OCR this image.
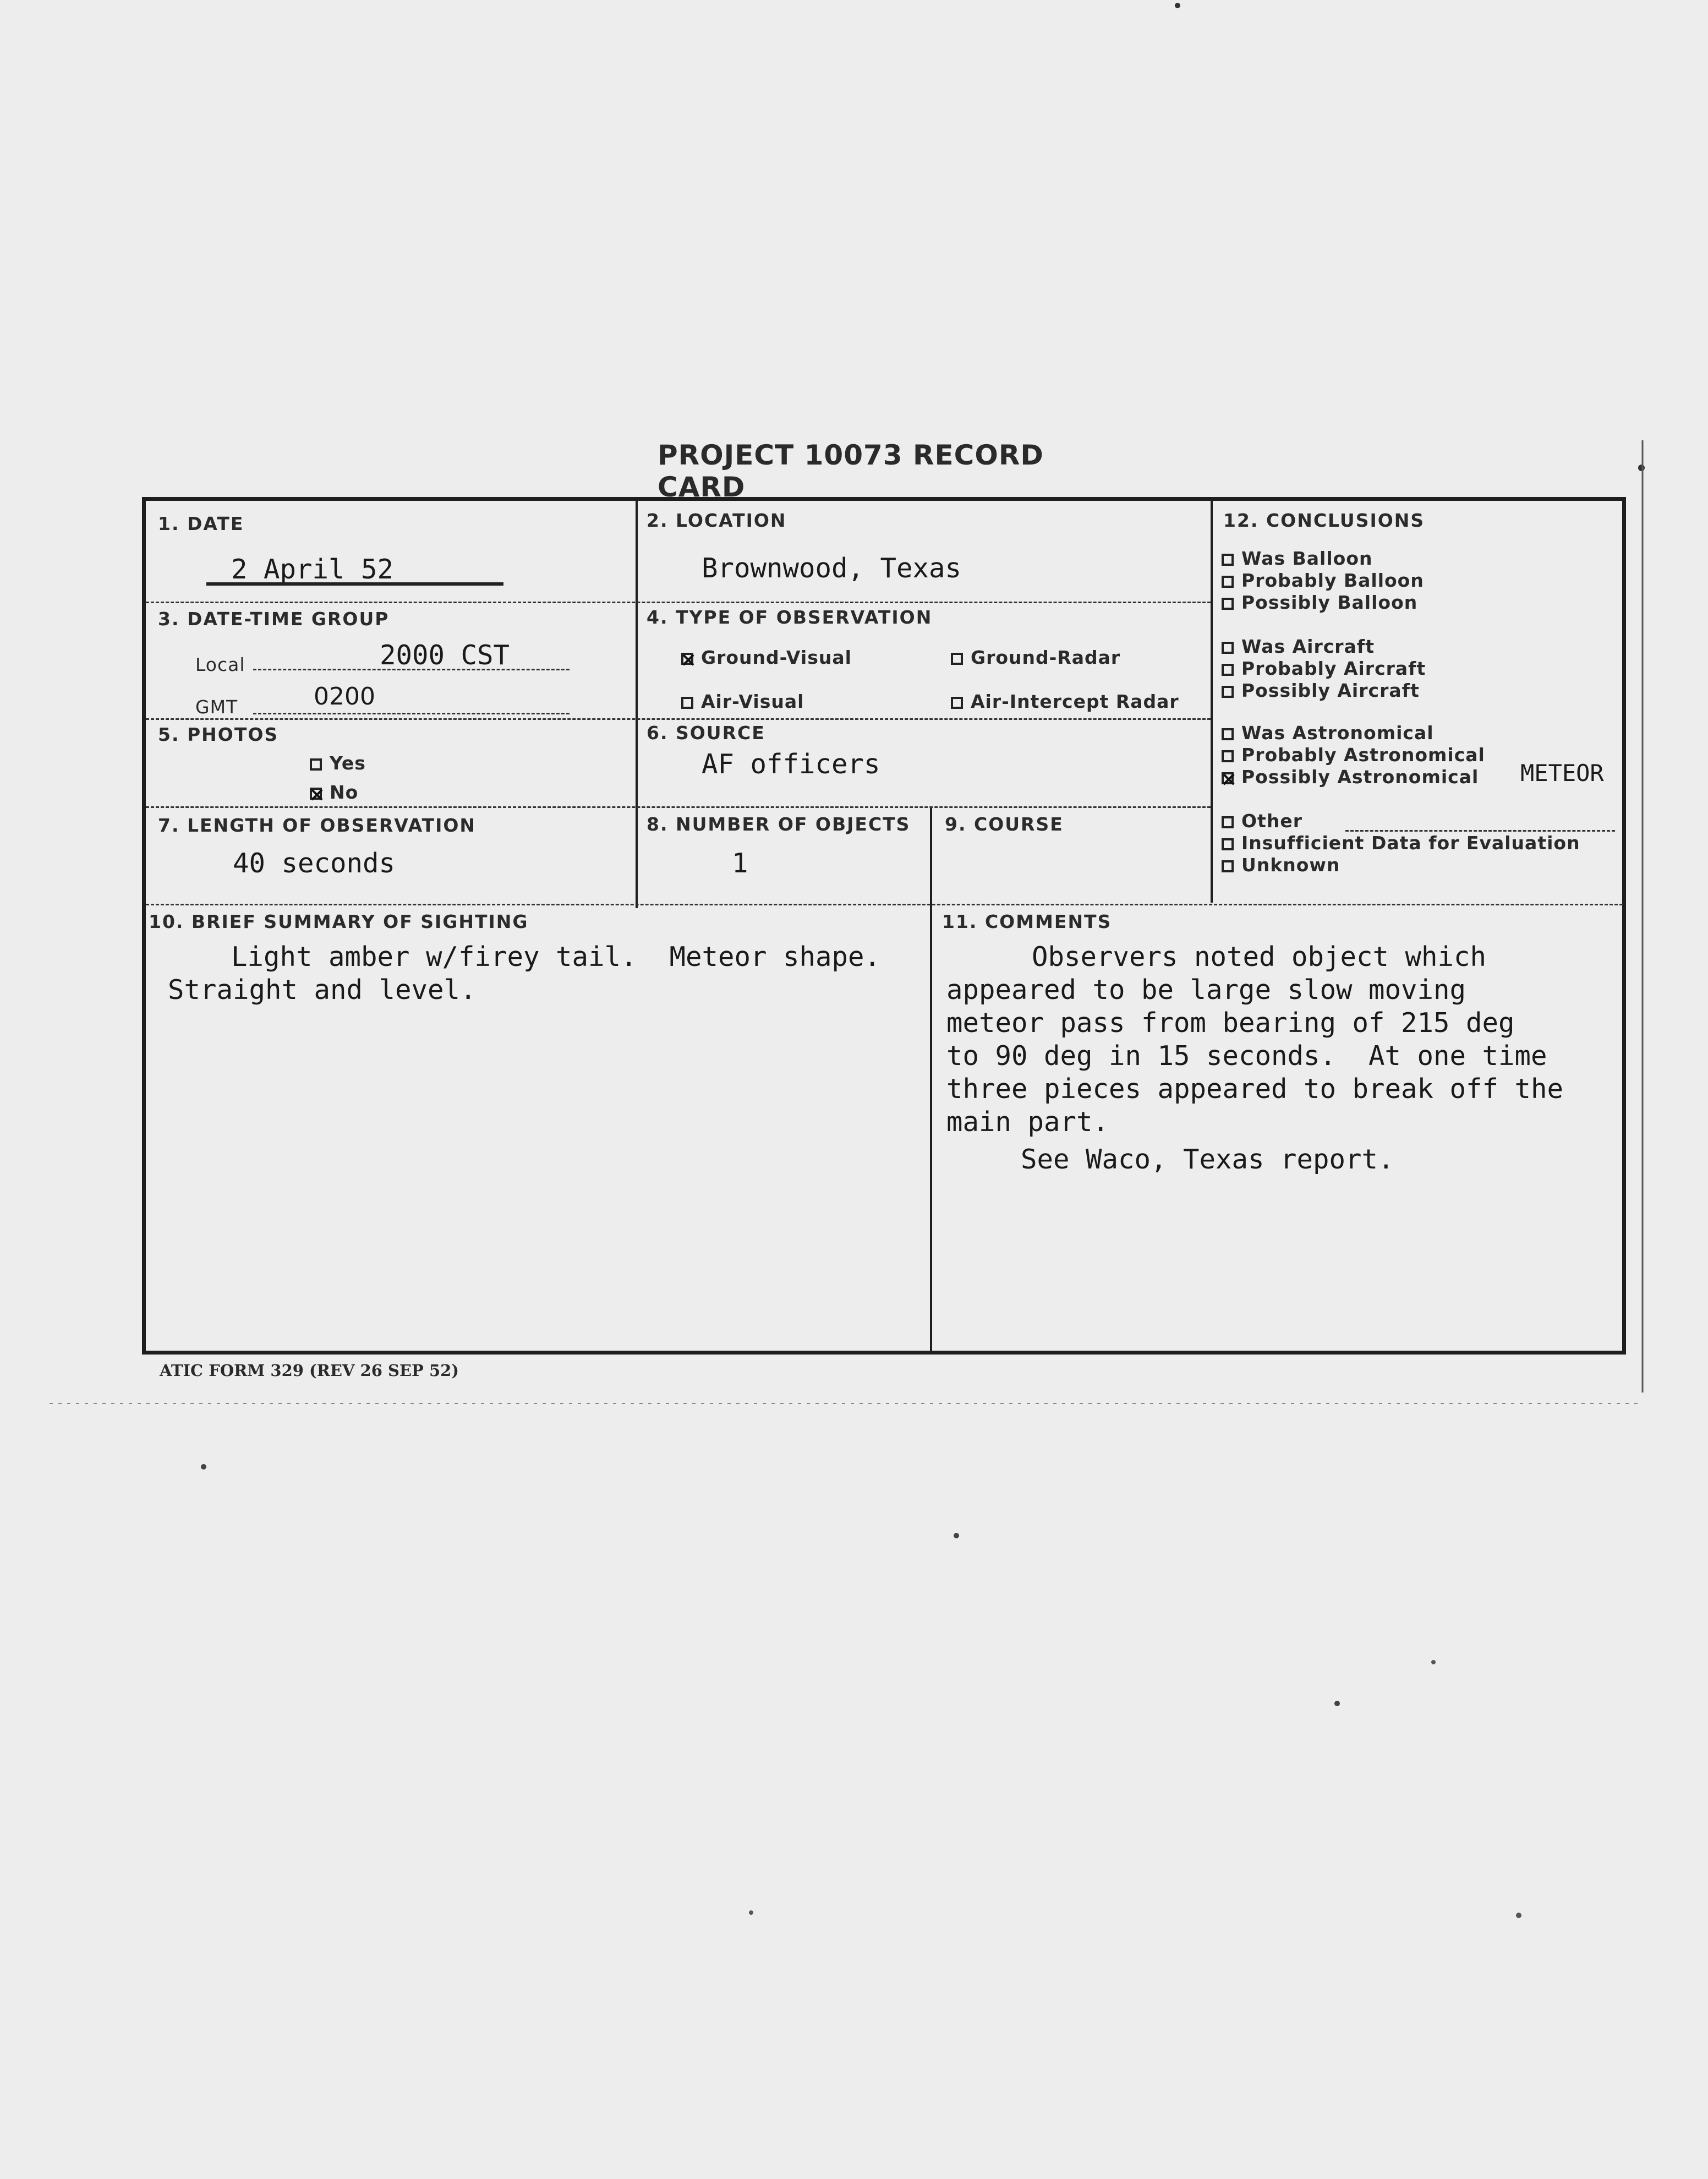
PROJECT 10073 RECORD CARD
1. DATE
2 April 52
2. LOCATION
Brownwood, Texas
3. DATE-TIME GROUP
Local	2000 CST
GMT	0200
4. TYPE OF OBSERVATION
Ground-Visual	Ground-Radar
Air-Visual	Air-Intercept Radar
5. PHOTOS
Yes
No
6. SOURCE
AF officers
7. LENGTH OF OBSERVATION
40 seconds
8. NUMBER OF OBJECTS
1
9. COURSE
10. BRIEF SUMMARY OF SIGHTING
Light amber w/firey tail.  Meteor shape.
Straight and level.
11. COMMENTS
Observers noted object which
appeared to be large slow moving
meteor pass from bearing of 215 deg
to 90 deg in 15 seconds.  At one time
three pieces appeared to break off the
main part.
See Waco, Texas report.
12. CONCLUSIONS
Was Balloon
Probably Balloon
Possibly Balloon
Was Aircraft
Probably Aircraft
Possibly Aircraft
Was Astronomical
Probably Astronomical
Possibly Astronomical METEOR
Other
Insufficient Data for Evaluation
Unknown
ATIC FORM 329 (REV 26 SEP 52)
